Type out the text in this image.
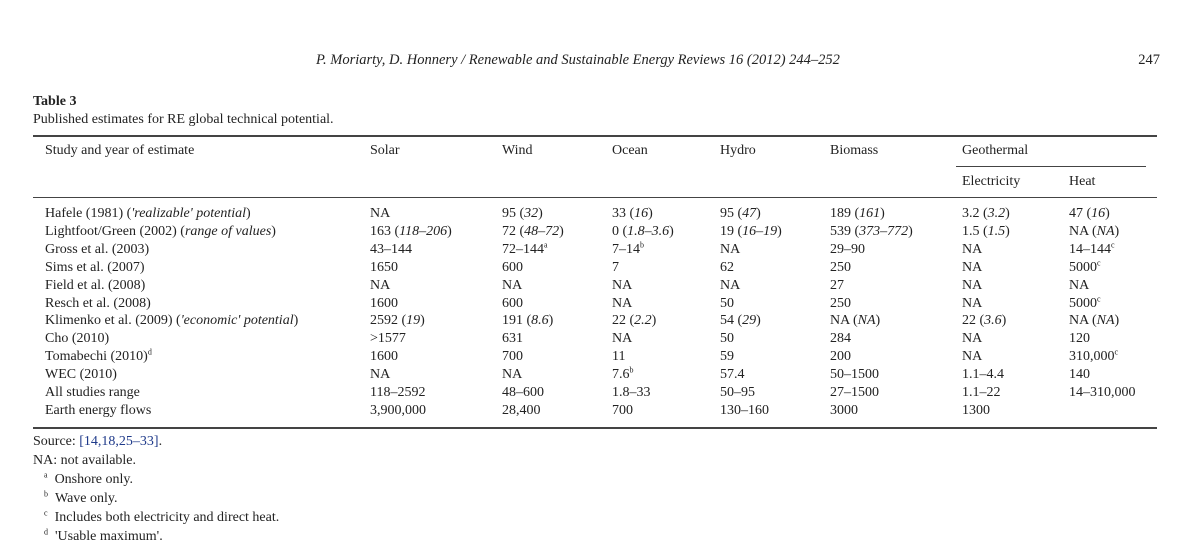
P. Moriarty, D. Honnery / Renewable and Sustainable Energy Reviews 16 (2012) 244–252	247
Table 3
Published estimates for RE global technical potential.
Study and year of estimate	Solar	Wind	Ocean	Hydro	Biomass	Geothermal
Electricity	Heat
Hafele (1981) ('realizable' potential)	NA	95 (32)	33 (16)	95 (47)	189 (161)	3.2 (3.2)	47 (16)
Lightfoot/Green (2002) (range of values)	163 (118–206)	72 (48–72)	0 (1.8–3.6)	19 (16–19)	539 (373–772)	1.5 (1.5)	NA (NA)
Gross et al. (2003)	43–144	72–144$^a$	7–14$^b$	NA	29–90	NA	14–144$^c$
Sims et al. (2007)	1650	600	7	62	250	NA	5000$^c$
Field et al. (2008)	NA	NA	NA	NA	27	NA	NA
Resch et al. (2008)	1600	600	NA	50	250	NA	5000$^c$
Klimenko et al. (2009) ('economic' potential)	2592 (19)	191 (8.6)	22 (2.2)	54 (29)	NA (NA)	22 (3.6)	NA (NA)
Cho (2010)	>1577	631	NA	50	284	NA	120
Tomabechi $(2010)^d$	1600	700	11	59	200	NA	310,000$^c$
WEC (2010)	NA	NA	7.6$^b$	57.4	50–1500	1.1–4.4	140
All studies range	118–2592	48–600	1.8–33	50–95	27–1500	1.1–22	14–310,000
Earth energy flows	3,900,000	28,400	700	130–160	3000	1300
Source: [14,18,25–33].
NA: not available.
$^a$ Onshore only.
$^b$ Wave only.
$^c$ Includes both electricity and direct heat.
$^d$ 'Usable maximum'.
